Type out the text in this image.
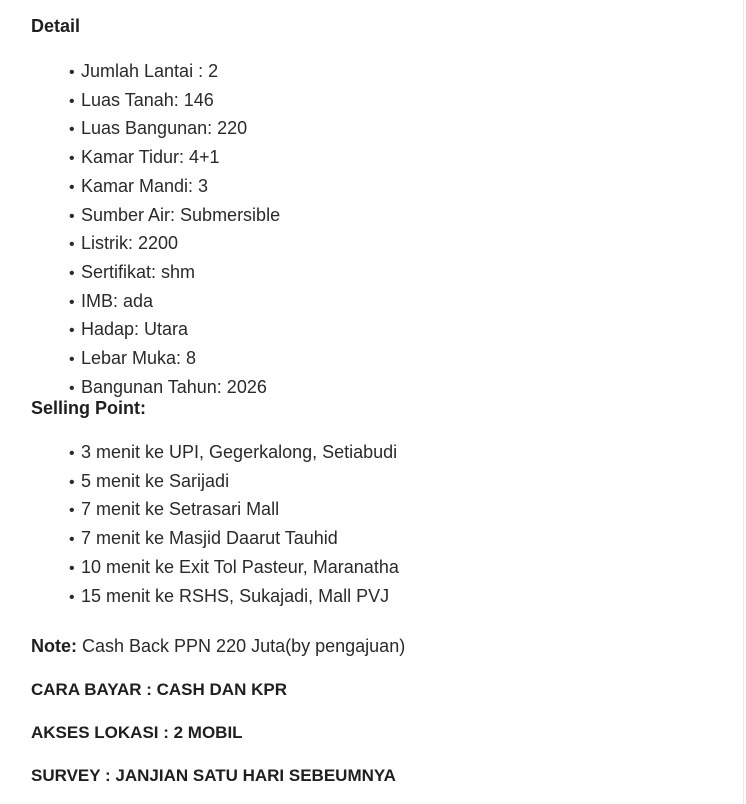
Detail
• Jumlah Lantai : 2
• Luas Tanah: 146
• Luas Bangunan: 220
• Kamar Tidur: 4+1
• Kamar Mandi: 3
• Sumber Air: Submersible
• Listrik: 2200
• Sertifikat: shm
• IMB: ada
• Hadap: Utara
• Lebar Muka: 8
• Bangunan Tahun: 2026
Selling Point:
• 3 menit ke UPI, Gegerkalong, Setiabudi
• 5 menit ke Sarijadi
• 7 menit ke Setrasari Mall
• 7 menit ke Masjid Daarut Tauhid
• 10 menit ke Exit Tol Pasteur, Maranatha
• 15 menit ke RSHS, Sukajadi, Mall PVJ

Note: Cash Back PPN 220 Juta(by pengajuan)

CARA BAYAR : CASH DAN KPR

AKSES LOKASI : 2 MOBIL

SURVEY : JANJIAN SATU HARI SEBEUMNYA
